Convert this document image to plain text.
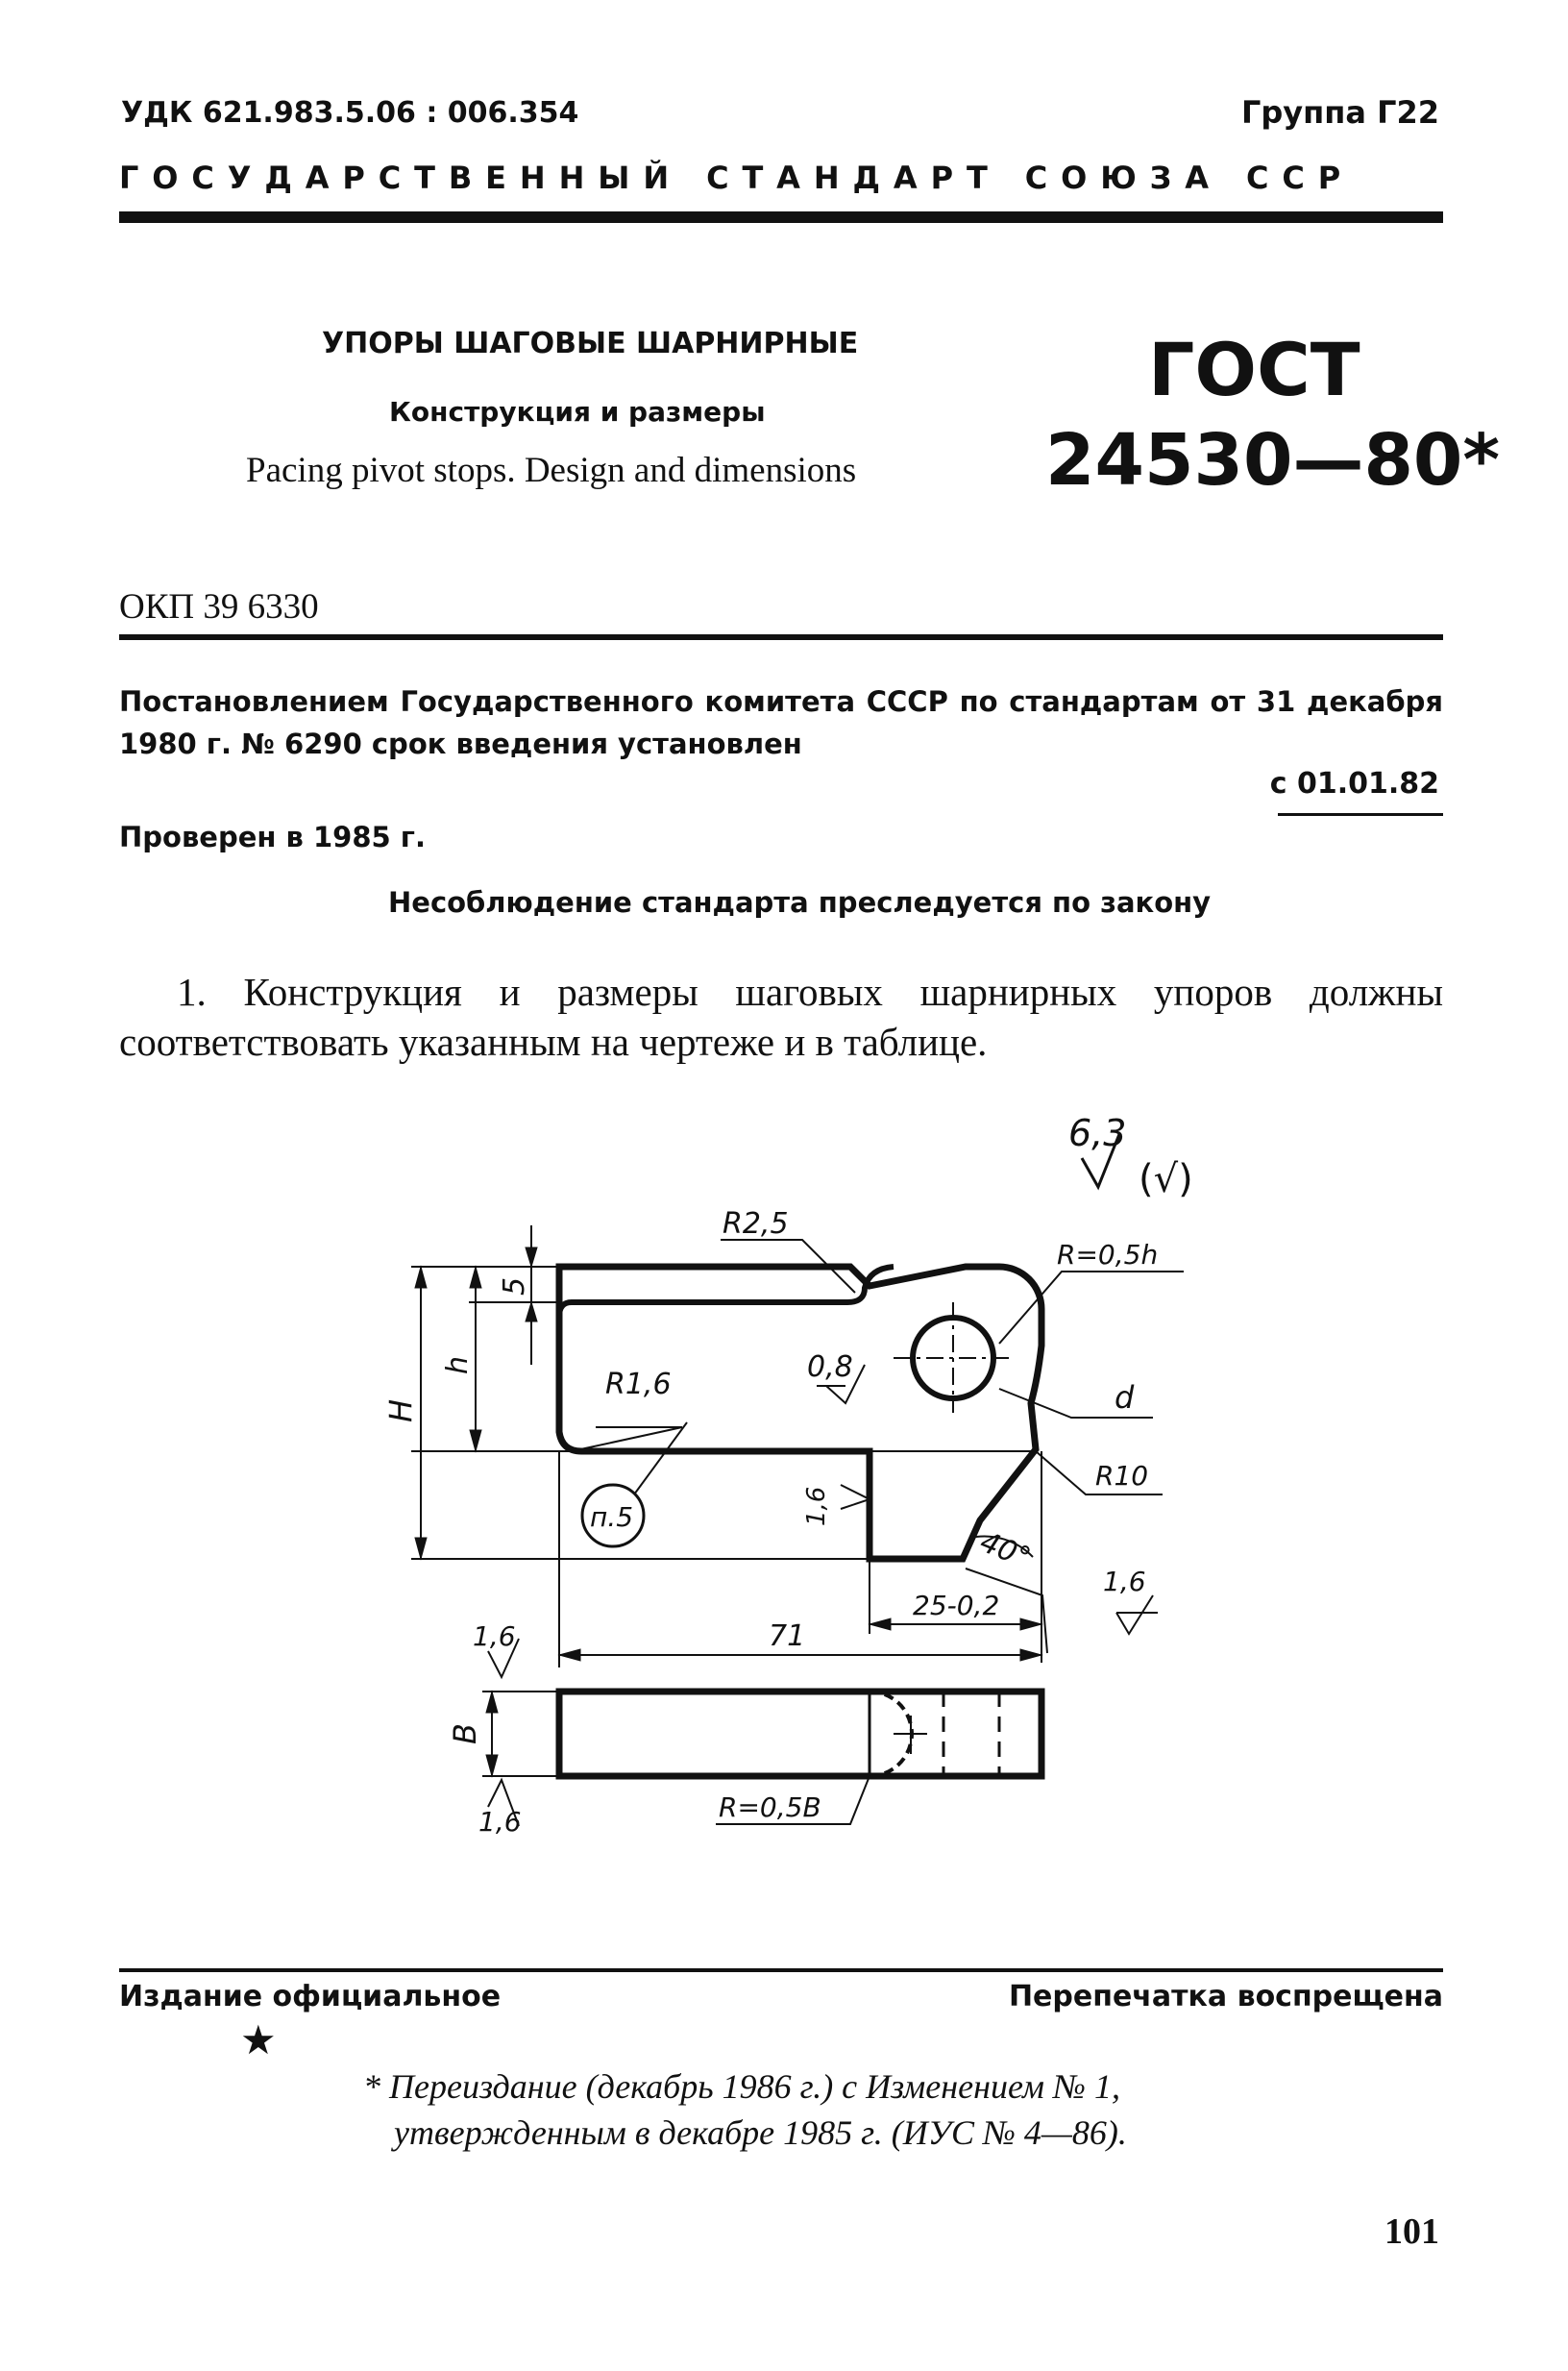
УДК 621.983.5.06 : 006.354	Группа Г22
ГОСУДАРСТВЕННЫЙ СТАНДАРТ СОЮЗА ССР
УПОРЫ ШАГОВЫЕ ШАРНИРНЫЕ
Конструкция и размеры
Pacing pivot stops. Design and dimensions
ГОСТ
24530—80*
ОКП 39 6330
Постановлением Государственного комитета СССР по стандартам от 31 декабря 1980 г. № 6290 срок введения установлен
с 01.01.82
Проверен в 1985 г.
Несоблюдение стандарта преследуется по закону
1. Конструкция и размеры шаговых шарнирных упоров должны соответствовать указанным на чертеже и в таблице.
6,3
(√)
R2,5
R=0,5h
5
h
H
0,8
R1,6	d
R10
п.5	1,6
40°
1,6
25-0,2
71
1,6
B
1,6	R=0,5B
Издание официальное	Перепечатка воспрещена
★
* Переиздание (декабрь 1986 г.) с Изменением № 1,
утвержденным в декабре 1985 г. (ИУС № 4—86).
101
